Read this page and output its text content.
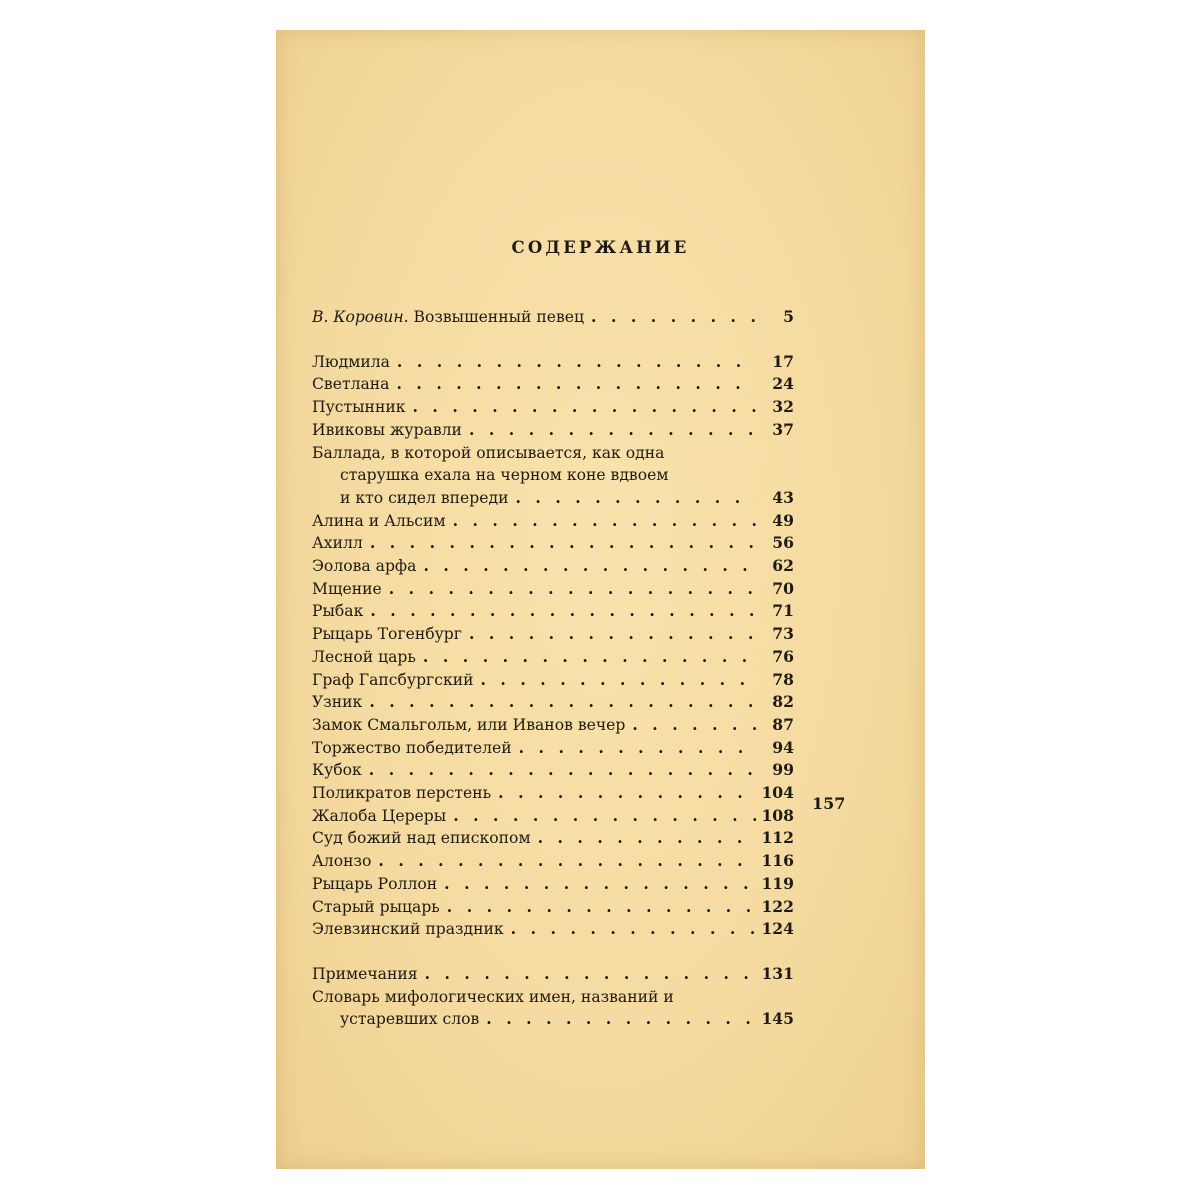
СОДЕРЖАНИЕ
В. Коровин. Возвышенный певец .....	5
Людмила .....	17
Светлана .....	24
Пустынник .....	32
Ивиковы журавли .....	37
Баллада, в которой описывается, как одна
старушка ехала на черном коне вдвоем
и кто сидел впереди .....	43
Алина и Альсим .....	49
Ахилл .....	56
Эолова арфа .....	62
Мщение .....	70
Рыбак .....	71
Рыцарь Тогенбург .....	73
Лесной царь .....	76
Граф Гапсбургский .....	78
Узник .....	82
Замок Смальгольм, или Иванов вечер .....	87
Торжество победителей .....	94
Кубок .....	99
Поликратов перстень .....	104
Жалоба Цереры .....	108
Суд божий над епископом .....	112
Алонзо .....	116
Рыцарь Роллон .....	119
Старый рыцарь .....	122
Элевзинский праздник .....	124
Примечания .....	131
Словарь мифологических имен, названий и
устаревших слов .....	145
157
